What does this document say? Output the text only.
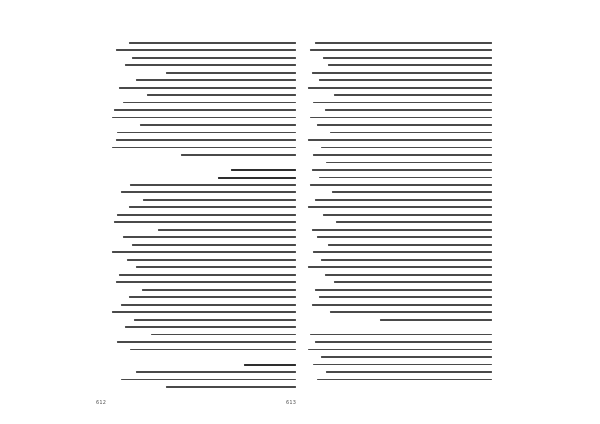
612	613
